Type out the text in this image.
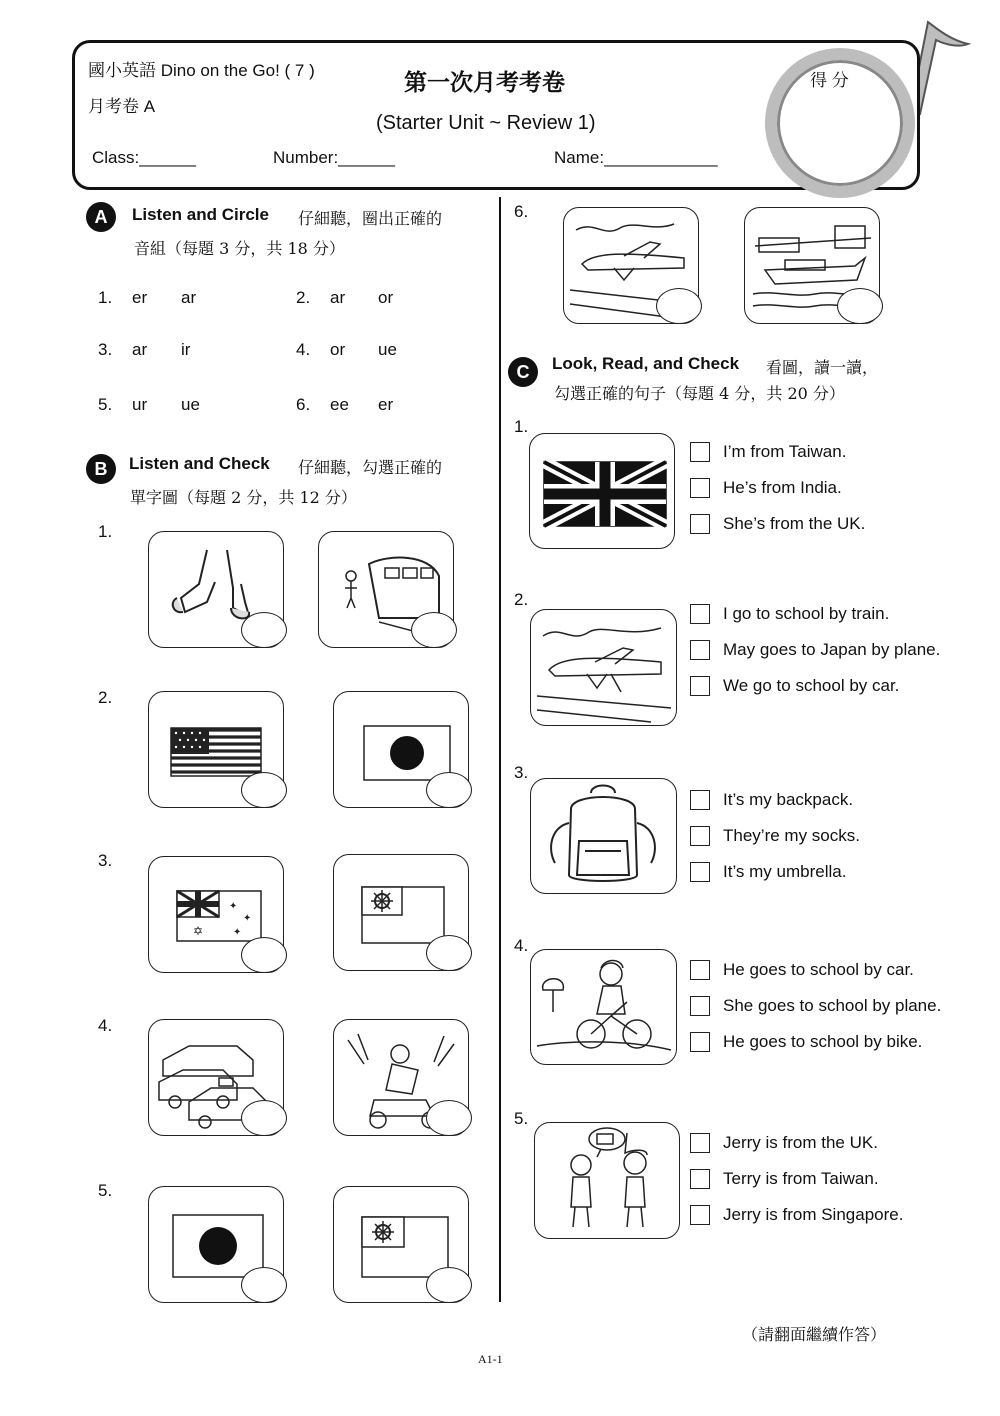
國小英語 Dino on the Go! ( 7 )
月考卷 A
第一次月考考卷
(Starter Unit ~ Review 1)
Class:______	Number:______	Name:____________
得 分
A	Listen and Circle 仔細聽，圈出正確的
音組（每題 3 分，共 18 分）
1. er ar	2. ar or
3. ar ir	4. or ue
5. ur ue	6. ee er
B	Listen and Check 仔細聽，勾選正確的
單字圖（每題 2 分，共 12 分）
1.
2.
3.
✡
✦
✦
✦
4.
5.
6.
C	Look, Read, and Check 看圖，讀一讀，
勾選正確的句子（每題 4 分，共 20 分）
1.
I’m from Taiwan.
He’s from India.
She’s from the UK.
2.
I go to school by train.
May goes to Japan by plane.
We go to school by car.
3.
It’s my backpack.
They’re my socks.
It’s my umbrella.
4.
He goes to school by car.
She goes to school by plane.
He goes to school by bike.
5.
Jerry is from the UK.
Terry is from Taiwan.
Jerry is from Singapore.
（請翻面繼續作答）
A1-1
